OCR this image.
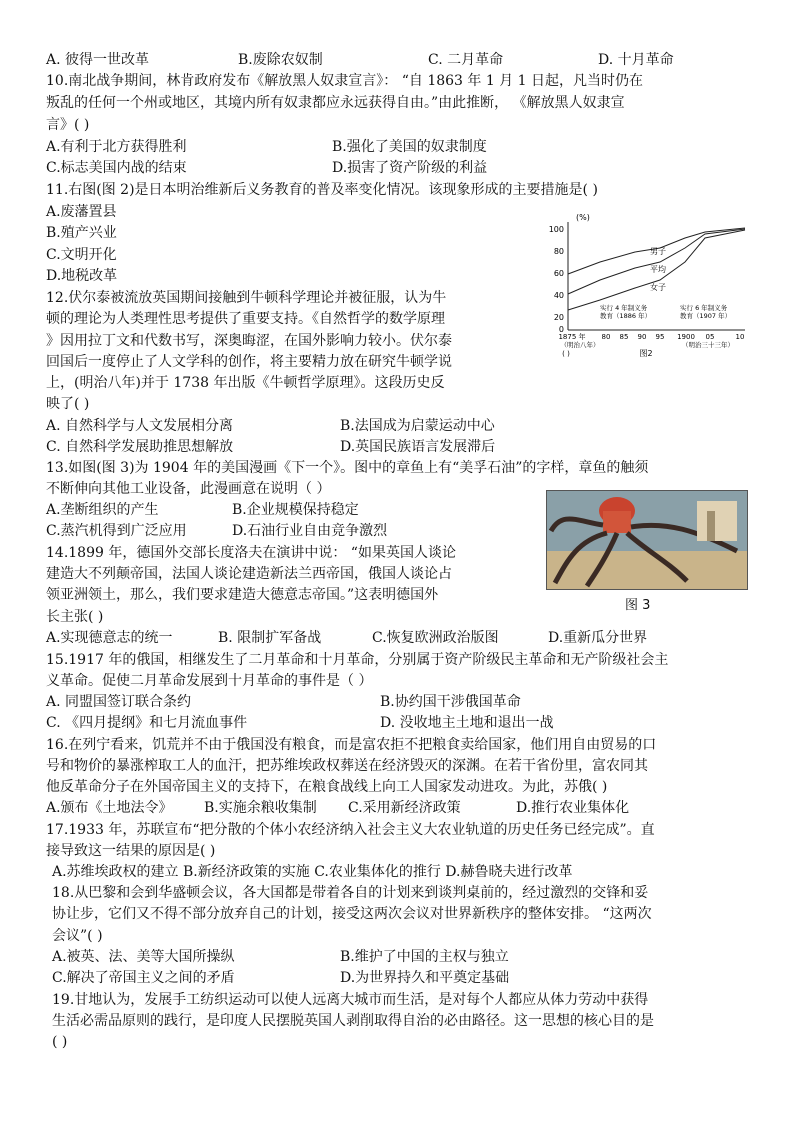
A. 彼得一世改革	B.废除农奴制	C. 二月革命	D. 十月革命
10.南北战争期间，林肯政府发布《解放黑人奴隶宣言》： “自 1863 年 1 月 1 日起，凡当时仍在
叛乱的任何一个州或地区，其境内所有奴隶都应永远获得自由。”由此推断， 《解放黑人奴隶宣
言》( )
A.有利于北方获得胜利	B.强化了美国的奴隶制度
C.标志美国内战的结束	D.损害了资产阶级的利益
11.右图(图 2)是日本明治维新后义务教育的普及率变化情况。该现象形成的主要措施是( )
A.废藩置县
B.殖产兴业
C.文明开化
D.地税改革
(%)
100
80
60
40
20
0
男子
平均
女子
实行 4 年制义务
教育（1886 年）
实行 6 年制义务
教育（1907 年）
1875 年 80 85 90 95 1900 05	10
（明治八年）	（明治三十三年）
( )	图2
12.伏尔泰被流放英国期间接触到牛顿科学理论并被征服，认为牛
顿的理论为人类理性思考提供了重要支持。《自然哲学的数学原理
》因用拉丁文和代数书写，深奥晦涩，在国外影响力较小。伏尔泰
回国后一度停止了人文学科的创作，将主要精力放在研究牛顿学说
上，(明治八年)并于 1738 年出版《牛顿哲学原理》。这段历史反
映了( )
A. 自然科学与人文发展相分离	B.法国成为启蒙运动中心
C. 自然科学发展助推思想解放	D.英国民族语言发展滞后
13.如图(图 3)为 1904 年的美国漫画《下一个》。图中的章鱼上有“美孚石油”的字样，章鱼的触须
不断伸向其他工业设备，此漫画意在说明（ ）
A.垄断组织的产生	B.企业规模保持稳定
C.蒸汽机得到广泛应用	D.石油行业自由竞争激烈
图 3
14.1899 年，德国外交部长度洛夫在演讲中说： “如果英国人谈论
建造大不列颠帝国，法国人谈论建造新法兰西帝国，俄国人谈论占
领亚洲领土，那么，我们要求建造大德意志帝国。”这表明德国外
长主张( )
A.实现德意志的统一	B. 限制扩军备战	C.恢复欧洲政治版图	D.重新瓜分世界
15.1917 年的俄国，相继发生了二月革命和十月革命，分别属于资产阶级民主革命和无产阶级社会主
义革命。促使二月革命发展到十月革命的事件是（ ）
A. 同盟国签订联合条约	B.协约国干涉俄国革命
C. 《四月提纲》和七月流血事件	D. 没收地主土地和退出一战
16.在列宁看来，饥荒并不由于俄国没有粮食，而是富农拒不把粮食卖给国家，他们用自由贸易的口
号和物价的暴涨榨取工人的血汗，把苏维埃政权葬送在经济毁灭的深渊。在若干省份里，富农同其
他反革命分子在外国帝国主义的支持下，在粮食战线上向工人国家发动进攻。为此，苏俄( )
A.颁布《土地法令》 B.实施余粮收集制 C.采用新经济政策	D.推行农业集体化
17.1933 年，苏联宣布“把分散的个体小农经济纳入社会主义大农业轨道的历史任务已经完成”。直
接导致这一结果的原因是( )
A.苏维埃政权的建立 B.新经济政策的实施 C.农业集体化的推行 D.赫鲁晓夫进行改革
18.从巴黎和会到华盛顿会议，各大国都是带着各自的计划来到谈判桌前的，经过激烈的交锋和妥
协让步，它们又不得不部分放弃自己的计划，接受这两次会议对世界新秩序的整体安排。 “这两次
会议”( )
A.被英、法、美等大国所操纵	B.维护了中国的主权与独立
C.解决了帝国主义之间的矛盾	D.为世界持久和平奠定基础
19.甘地认为，发展手工纺织运动可以使人远离大城市而生活，是对每个人都应从体力劳动中获得
生活必需品原则的践行，是印度人民摆脱英国人剥削取得自治的必由路径。这一思想的核心目的是
( )
